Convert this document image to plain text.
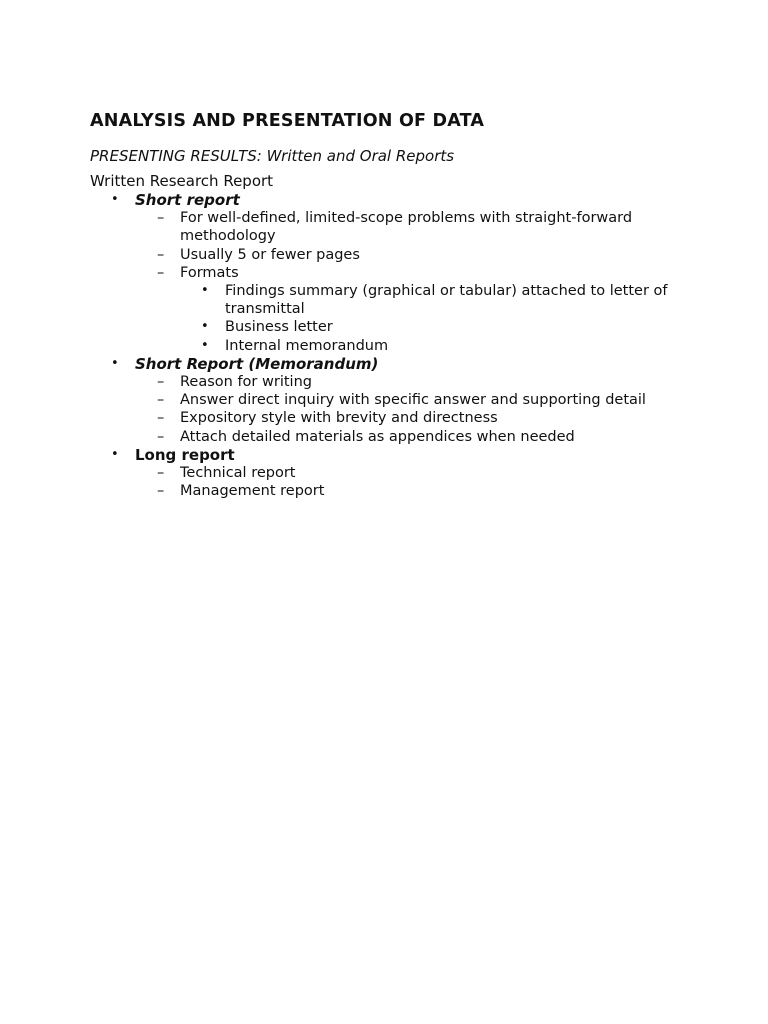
ANALYSIS AND PRESENTATION OF DATA
PRESENTING RESULTS: Written and Oral Reports
Written Research Report
• Short report
– For well-defined, limited-scope problems with straight-forward methodology
– Usually 5 or fewer pages
– Formats
• Findings summary (graphical or tabular) attached to letter of transmittal
• Business letter
• Internal memorandum
• Short Report (Memorandum)
– Reason for writing
– Answer direct inquiry with specific answer and supporting detail
– Expository style with brevity and directness
– Attach detailed materials as appendices when needed
• Long report
– Technical report
– Management report
